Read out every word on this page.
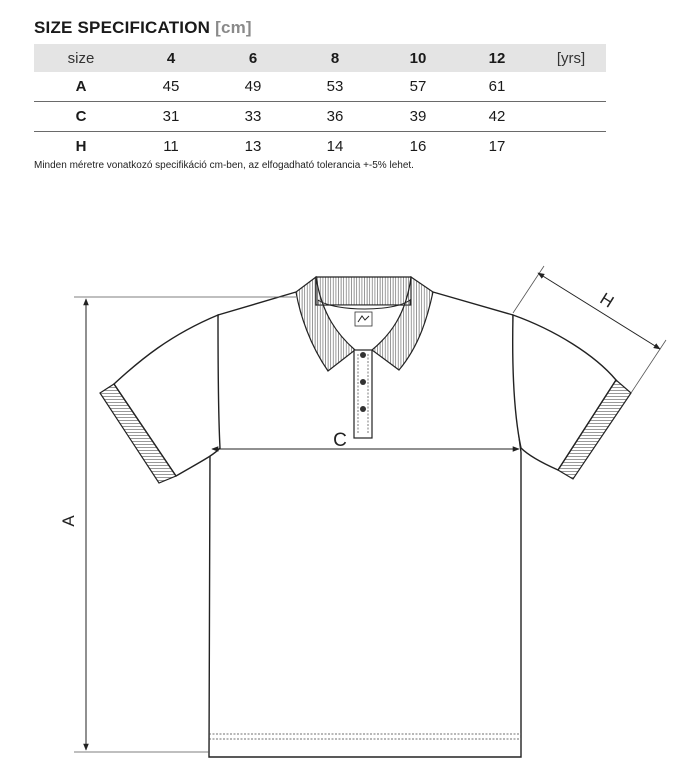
SIZE SPECIFICATION [cm]
size	4	6	8	10	12	[yrs]
A	45	49	53	57	61	
C	31	33	36	39	42	
H	11	13	14	16	17	
Minden méretre vonatkozó specifikáció cm-ben, az elfogadható tolerancia +-5% lehet.
A
C
H
